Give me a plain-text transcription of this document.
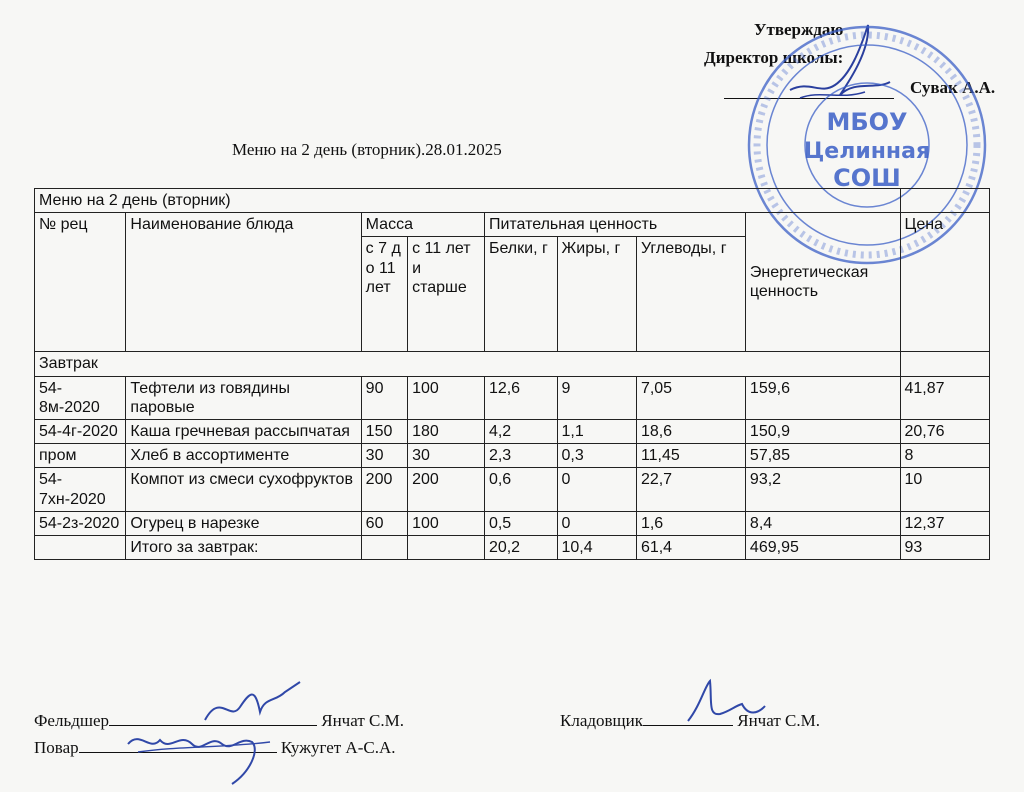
Утверждаю
Директор школы:
Сувак А.А.
МБОУ
Целинная
СОШ
Меню на 2 день (вторник).28.01.2025
Меню на 2 день (вторник)								
№ рец	Наименование блюда	Масса		Питательная ценность			Энергетическая ценность	Цена
		с 7 до 11 лет	с 11 лет и старше	Белки, г	Жиры, г	Углеводы, г		
Завтрак								
54-8м-2020	Тефтели из говядины паровые	90	100	12,6	9	7,05	159,6	41,87
54-4г-2020	Каша гречневая рассыпчатая	150	180	4,2	1,1	18,6	150,9	20,76
пром	Хлеб в ассортименте	30	30	2,3	0,3	11,45	57,85	8
54-7хн-2020	Компот из смеси сухофруктов	200	200	0,6	0	22,7	93,2	10
54-2з-2020	Огурец в нарезке	60	100	0,5	0	1,6	8,4	12,37
	Итого за завтрак:			20,2	10,4	61,4	469,95	93
Фельдшер	Янчат С.М.	Кладовщик	Янчат С.М.
Повар	Кужугет А-С.А.
